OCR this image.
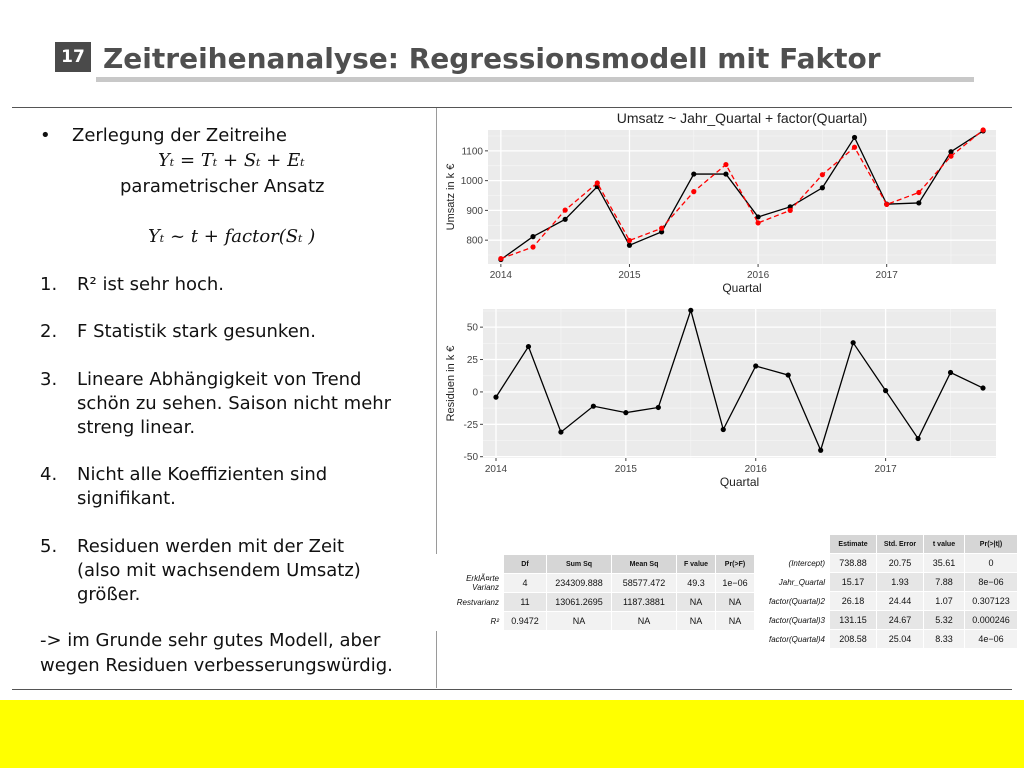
17 Zeitreihenanalyse: Regressionsmodell mit Faktor
• Zerlegung der Zeitreihe
Yₜ = Tₜ + Sₜ + Eₜ
parametrischer Ansatz
Yₜ ~ t + factor(Sₜ )
1. R² ist sehr hoch.
2. F Statistik stark gesunken.
3. Lineare Abhängigkeit von Trend
schön zu sehen. Saison nicht mehr
streng linear.
4. Nicht alle Koeffizienten sind
signifikant.
5. Residuen werden mit der Zeit
(also mit wachsendem Umsatz)
größer.
-> im Grunde sehr gutes Modell, aber
wegen Residuen verbesserungswürdig.
Umsatz ~ Jahr_Quartal + factor(Quartal)
2014	2015	2016	2017
800
900
1000
1100
Quartal
Umsatz in k €
2014	2015	2016	2017
-50
-25
0
25
50
Quartal
Residuen in k €
	Df	Sum Sq	Mean Sq	F value	Pr(>F)
ErklÃ¤rte Varianz	4	234309.888	58577.472	49.3	1e−06
Restvarianz	11	13061.2695	1187.3881	NA	NA
R²	0.9472	NA	NA	NA	NA
	Estimate	Std. Error	t value	Pr(>|t|)
(Intercept)	738.88	20.75	35.61	0
Jahr_Quartal	15.17	1.93	7.88	8e−06
factor(Quartal)2	26.18	24.44	1.07	0.307123
factor(Quartal)3	131.15	24.67	5.32	0.000246
factor(Quartal)4	208.58	25.04	8.33	4e−06
